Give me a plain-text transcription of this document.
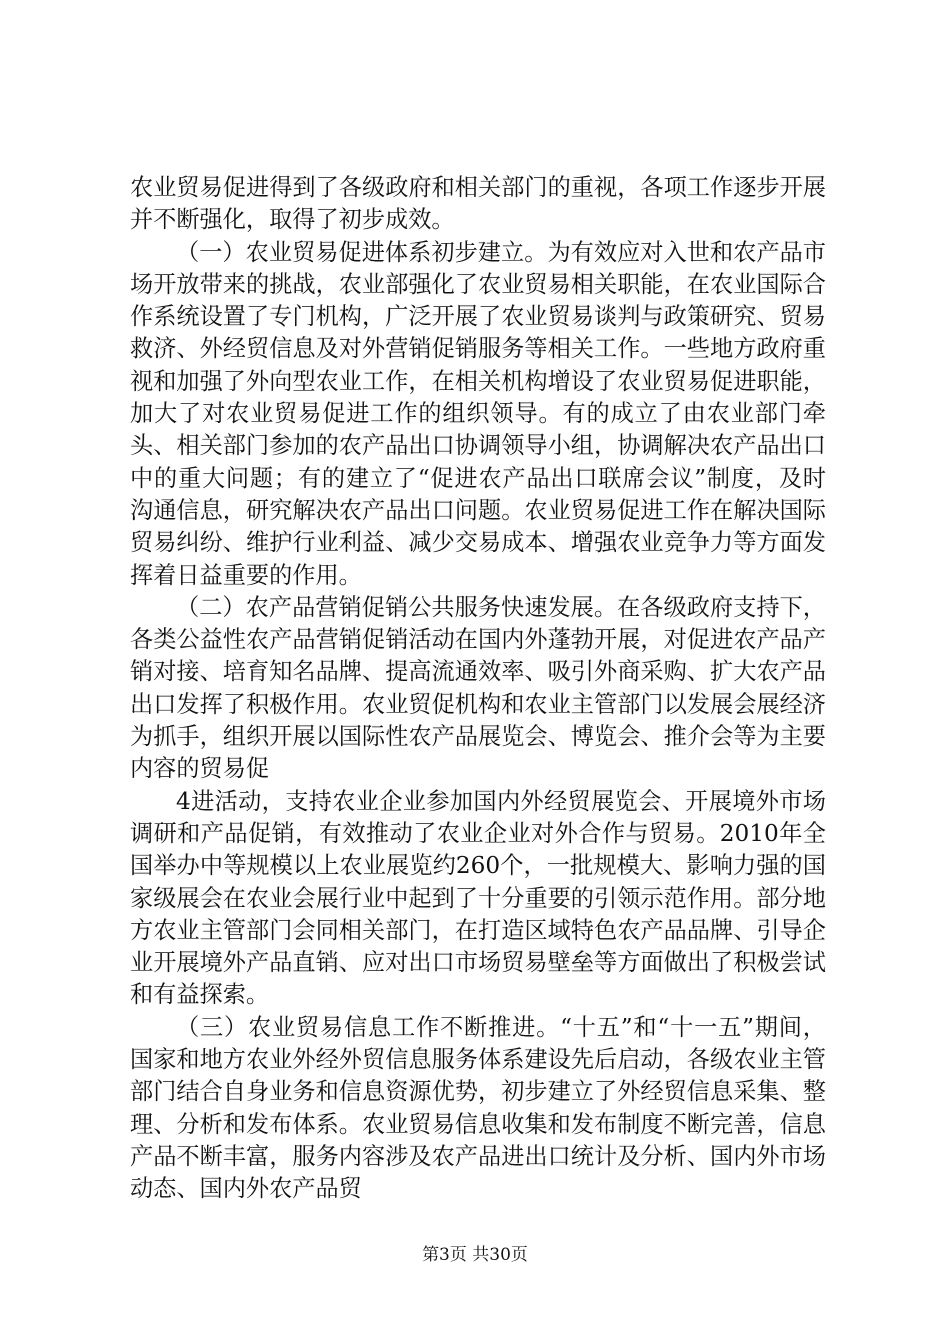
农业贸易促进得到了各级政府和相关部门的重视，各项工作逐步开展并不断强化，取得了初步成效。

（一）农业贸易促进体系初步建立。为有效应对入世和农产品市场开放带来的挑战，农业部强化了农业贸易相关职能，在农业国际合作系统设置了专门机构，广泛开展了农业贸易谈判与政策研究、贸易救济、外经贸信息及对外营销促销服务等相关工作。一些地方政府重视和加强了外向型农业工作，在相关机构增设了农业贸易促进职能，加大了对农业贸易促进工作的组织领导。有的成立了由农业部门牵头、相关部门参加的农产品出口协调领导小组，协调解决农产品出口中的重大问题；有的建立了“促进农产品出口联席会议”制度，及时沟通信息，研究解决农产品出口问题。农业贸易促进工作在解决国际贸易纠纷、维护行业利益、减少交易成本、增强农业竞争力等方面发挥着日益重要的作用。

（二）农产品营销促销公共服务快速发展。在各级政府支持下，各类公益性农产品营销促销活动在国内外蓬勃开展，对促进农产品产销对接、培育知名品牌、提高流通效率、吸引外商采购、扩大农产品出口发挥了积极作用。农业贸促机构和农业主管部门以发展会展经济为抓手，组织开展以国际性农产品展览会、博览会、推介会等为主要内容的贸易促

4进活动，支持农业企业参加国内外经贸展览会、开展境外市场调研和产品促销，有效推动了农业企业对外合作与贸易。2010年全国举办中等规模以上农业展览约260个，一批规模大、影响力强的国家级展会在农业会展行业中起到了十分重要的引领示范作用。部分地方农业主管部门会同相关部门，在打造区域特色农产品品牌、引导企业开展境外产品直销、应对出口市场贸易壁垒等方面做出了积极尝试和有益探索。

（三）农业贸易信息工作不断推进。“十五”和“十一五”期间，国家和地方农业外经外贸信息服务体系建设先后启动，各级农业主管部门结合自身业务和信息资源优势，初步建立了外经贸信息采集、整理、分析和发布体系。农业贸易信息收集和发布制度不断完善，信息产品不断丰富，服务内容涉及农产品进出口统计及分析、国内外市场动态、国内外农产品贸

第3页 共30页
